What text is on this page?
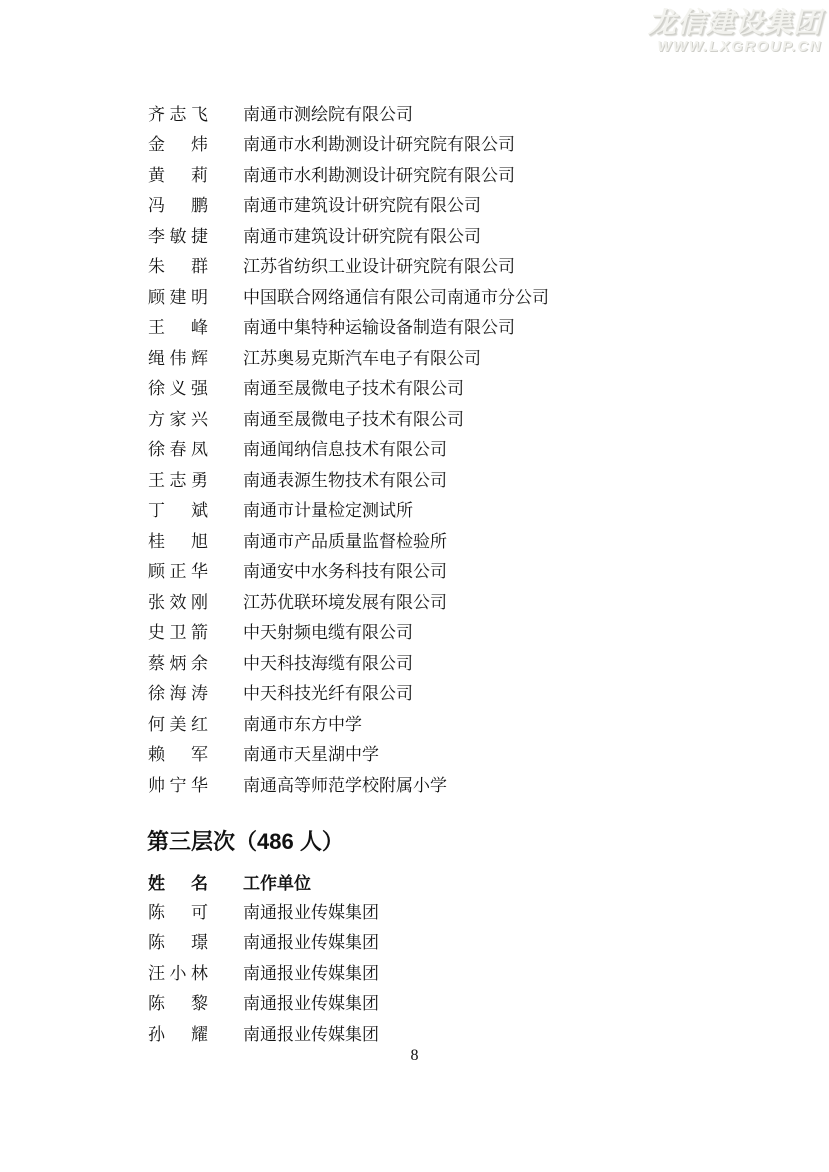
龙信建设集团
WWW.LXGROUP.CN
齐志飞 南通市测绘院有限公司
金 炜 南通市水利勘测设计研究院有限公司
黄 莉 南通市水利勘测设计研究院有限公司
冯 鹏 南通市建筑设计研究院有限公司
李敏捷 南通市建筑设计研究院有限公司
朱 群 江苏省纺织工业设计研究院有限公司
顾建明 中国联合网络通信有限公司南通市分公司
王 峰 南通中集特种运输设备制造有限公司
绳伟辉 江苏奥易克斯汽车电子有限公司
徐义强 南通至晟微电子技术有限公司
方家兴 南通至晟微电子技术有限公司
徐春凤 南通闻纳信息技术有限公司
王志勇 南通表源生物技术有限公司
丁 斌 南通市计量检定测试所
桂 旭 南通市产品质量监督检验所
顾正华 南通安中水务科技有限公司
张效刚 江苏优联环境发展有限公司
史卫箭 中天射频电缆有限公司
蔡炳余 中天科技海缆有限公司
徐海涛 中天科技光纤有限公司
何美红 南通市东方中学
赖 军 南通市天星湖中学
帅宁华 南通高等师范学校附属小学
第三层次（486 人）
姓 名 工作单位
陈 可 南通报业传媒集团
陈 璟 南通报业传媒集团
汪小林 南通报业传媒集团
陈 黎 南通报业传媒集团
孙 耀 南通报业传媒集团
8
